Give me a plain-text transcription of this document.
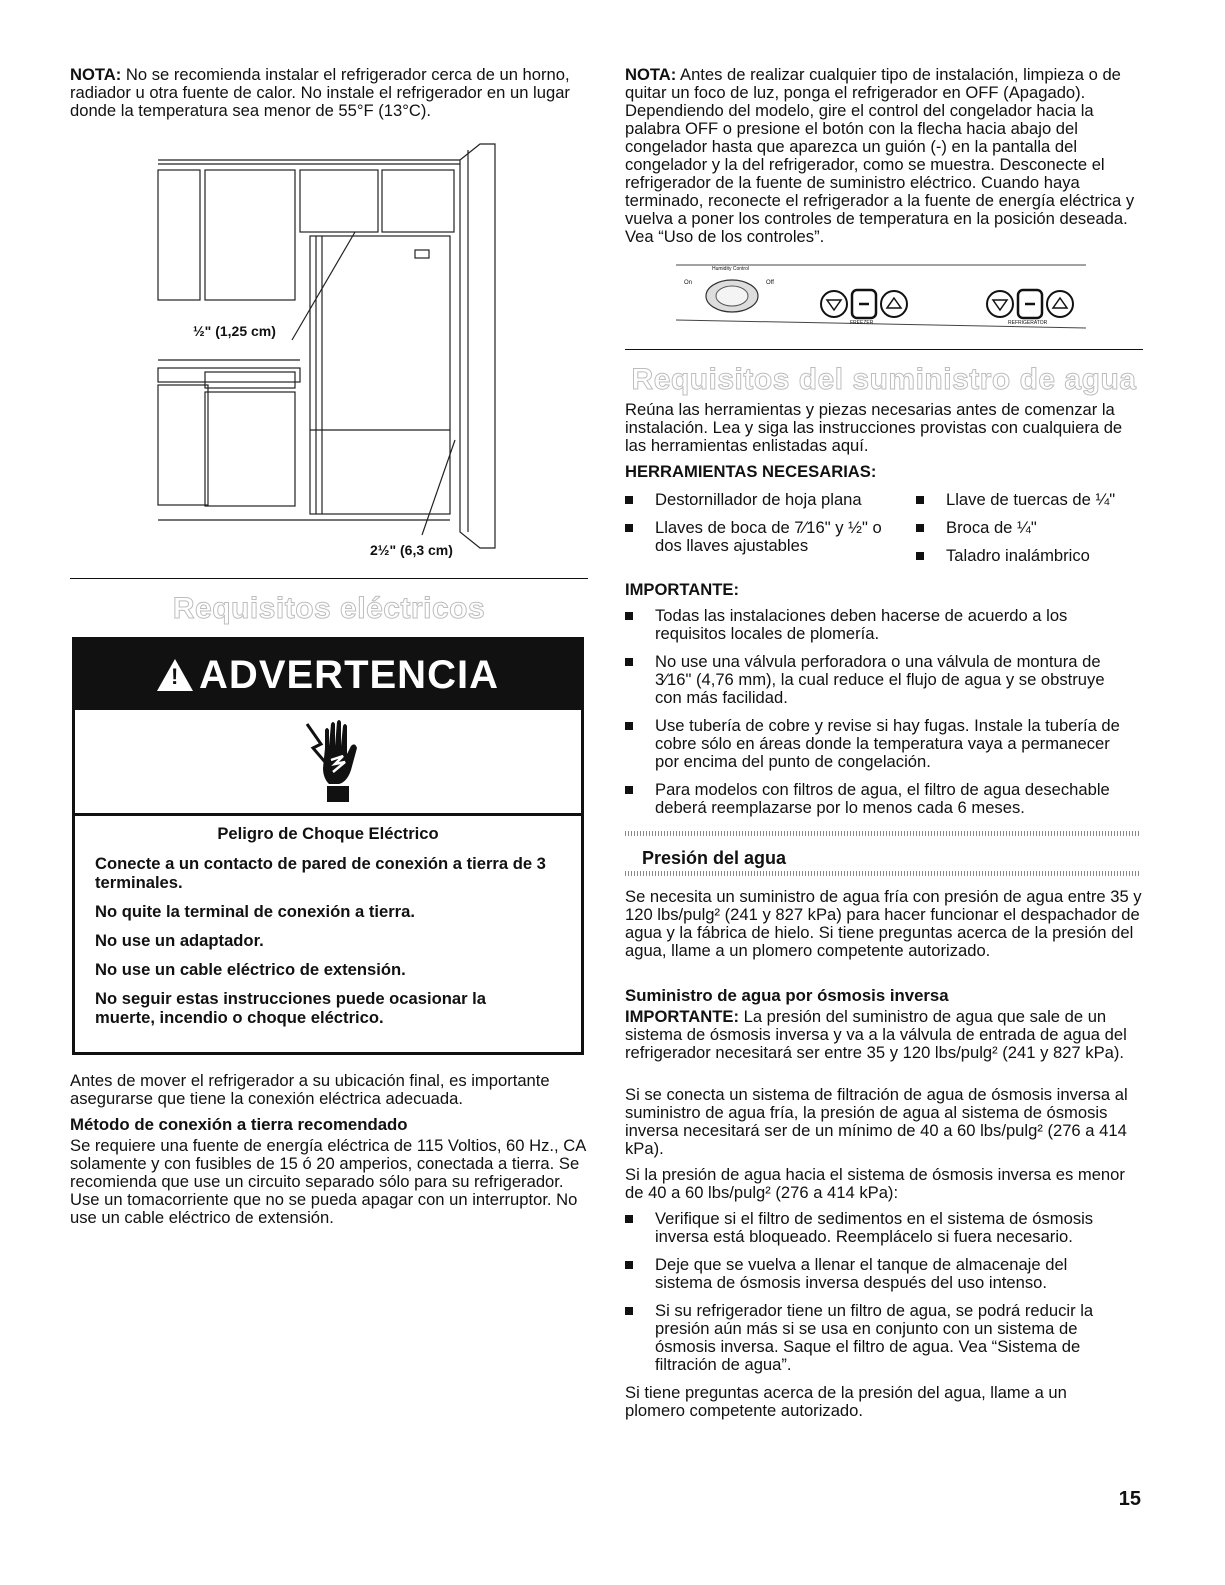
NOTA: No se recomienda instalar el refrigerador cerca de un horno, radiador u otra fuente de calor. No instale el refrigerador en un lugar donde la temperatura sea menor de 55°F (13°C).

½" (1,25 cm)
2½" (6,3 cm)
Requisitos eléctricos
! ADVERTENCIA
Peligro de Choque Eléctrico
Conecte a un contacto de pared de conexión a tierra de 3 terminales.
No quite la terminal de conexión a tierra.
No use un adaptador.
No use un cable eléctrico de extensión.
No seguir estas instrucciones puede ocasionar la muerte, incendio o choque eléctrico.

Antes de mover el refrigerador a su ubicación final, es importante asegurarse que tiene la conexión eléctrica adecuada.

Método de conexión a tierra recomendado

Se requiere una fuente de energía eléctrica de 115 Voltios, 60 Hz., CA solamente y con fusibles de 15 ó 20 amperios, conectada a tierra. Se recomienda que use un circuito separado sólo para su refrigerador. Use un tomacorriente que no se pueda apagar con un interruptor. No use un cable eléctrico de extensión.

NOTA: Antes de realizar cualquier tipo de instalación, limpieza o de quitar un foco de luz, ponga el refrigerador en OFF (Apagado). Dependiendo del modelo, gire el control del congelador hacia la palabra OFF o presione el botón con la flecha hacia abajo del congelador hasta que aparezca un guión (-) en la pantalla del congelador y la del refrigerador, como se muestra. Desconecte el refrigerador de la fuente de suministro eléctrico. Cuando haya terminado, reconecte el refrigerador a la fuente de energía eléctrica y vuelva a poner los controles de temperatura en la posición deseada. Vea “Uso de los controles”.

Humidity Control
On	Off
FREEZER	REFRIGERATOR
Requisitos del suministro de agua

Reúna las herramientas y piezas necesarias antes de comenzar la instalación. Lea y siga las instrucciones provistas con cualquiera de las herramientas enlistadas aquí.

HERRAMIENTAS NECESARIAS:
Destornillador de hoja plana
Llaves de boca de 7⁄16" y ½" o dos llaves ajustables
Llave de tuercas de ¼"
Broca de ¼"
Taladro inalámbrico
IMPORTANTE:
Todas las instalaciones deben hacerse de acuerdo a los requisitos locales de plomería.
No use una válvula perforadora o una válvula de montura de 3⁄16" (4,76 mm), la cual reduce el flujo de agua y se obstruye con más facilidad.
Use tubería de cobre y revise si hay fugas. Instale la tubería de cobre sólo en áreas donde la temperatura vaya a permanecer por encima del punto de congelación.
Para modelos con filtros de agua, el filtro de agua desechable deberá reemplazarse por lo menos cada 6 meses.
Presión del agua

Se necesita un suministro de agua fría con presión de agua entre 35 y 120 lbs/pulg² (241 y 827 kPa) para hacer funcionar el despachador de agua y la fábrica de hielo. Si tiene preguntas acerca de la presión del agua, llame a un plomero competente autorizado.

Suministro de agua por ósmosis inversa

IMPORTANTE: La presión del suministro de agua que sale de un sistema de ósmosis inversa y va a la válvula de entrada de agua del refrigerador necesitará ser entre 35 y 120 lbs/pulg² (241 y 827 kPa).

Si se conecta un sistema de filtración de agua de ósmosis inversa al suministro de agua fría, la presión de agua al sistema de ósmosis inversa necesitará ser de un mínimo de 40 a 60 lbs/pulg² (276 a 414 kPa).

Si la presión de agua hacia el sistema de ósmosis inversa es menor de 40 a 60 lbs/pulg² (276 a 414 kPa):

Verifique si el filtro de sedimentos en el sistema de ósmosis inversa está bloqueado. Reemplácelo si fuera necesario.
Deje que se vuelva a llenar el tanque de almacenaje del sistema de ósmosis inversa después del uso intenso.
Si su refrigerador tiene un filtro de agua, se podrá reducir la presión aún más si se usa en conjunto con un sistema de ósmosis inversa. Saque el filtro de agua. Vea “Sistema de filtración de agua”.

Si tiene preguntas acerca de la presión del agua, llame a un plomero competente autorizado.

15
